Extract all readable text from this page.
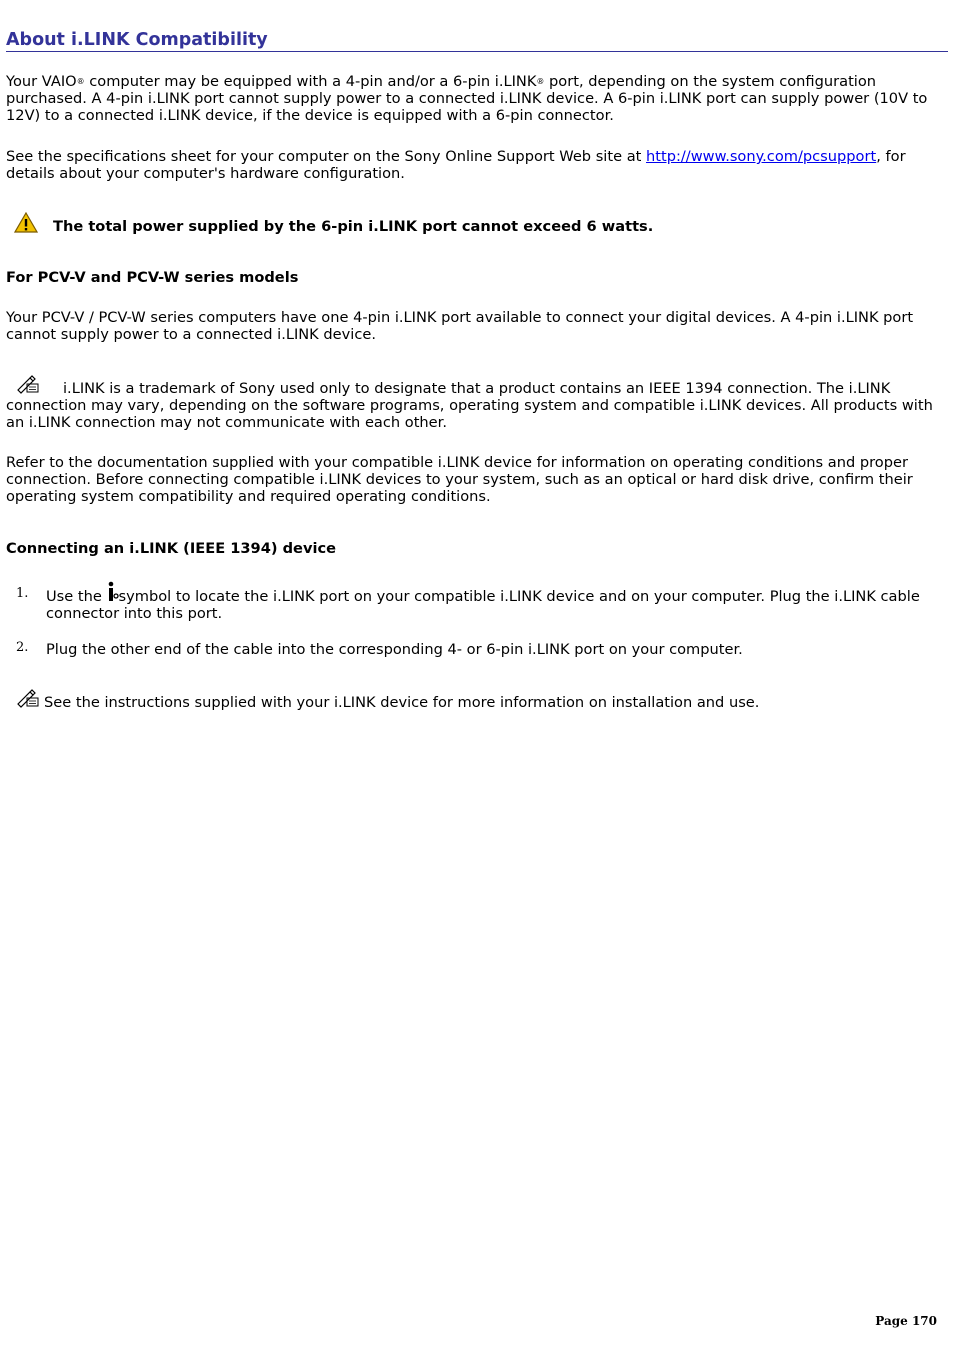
About i.LINK Compatibility

Your VAIO® computer may be equipped with a 4-pin and/or a 6-pin i.LINK® port, depending on the system configuration purchased. A 4-pin i.LINK port cannot supply power to a connected i.LINK device. A 6-pin i.LINK port can supply power (10V to 12V) to a connected i.LINK device, if the device is equipped with a 6-pin connector.

See the specifications sheet for your computer on the Sony Online Support Web site at http://www.sony.com/pcsupport, for details about your computer's hardware configuration.

The total power supplied by the 6-pin i.LINK port cannot exceed 6 watts.

For PCV-V and PCV-W series models

Your PCV-V / PCV-W series computers have one 4-pin i.LINK port available to connect your digital devices. A 4-pin i.LINK port cannot supply power to a connected i.LINK device.

i.LINK is a trademark of Sony used only to designate that a product contains an IEEE 1394 connection. The i.LINK connection may vary, depending on the software programs, operating system and compatible i.LINK devices. All products with an i.LINK connection may not communicate with each other.

Refer to the documentation supplied with your compatible i.LINK device for information on operating conditions and proper connection. Before connecting compatible i.LINK devices to your system, such as an optical or hard disk drive, confirm their operating system compatibility and required operating conditions.

Connecting an i.LINK (IEEE 1394) device

1. Use the symbol to locate the i.LINK port on your compatible i.LINK device and on your computer. Plug the i.LINK cable connector into this port.
2. Plug the other end of the cable into the corresponding 4- or 6-pin i.LINK port on your computer.

See the instructions supplied with your i.LINK device for more information on installation and use.

Page 170
